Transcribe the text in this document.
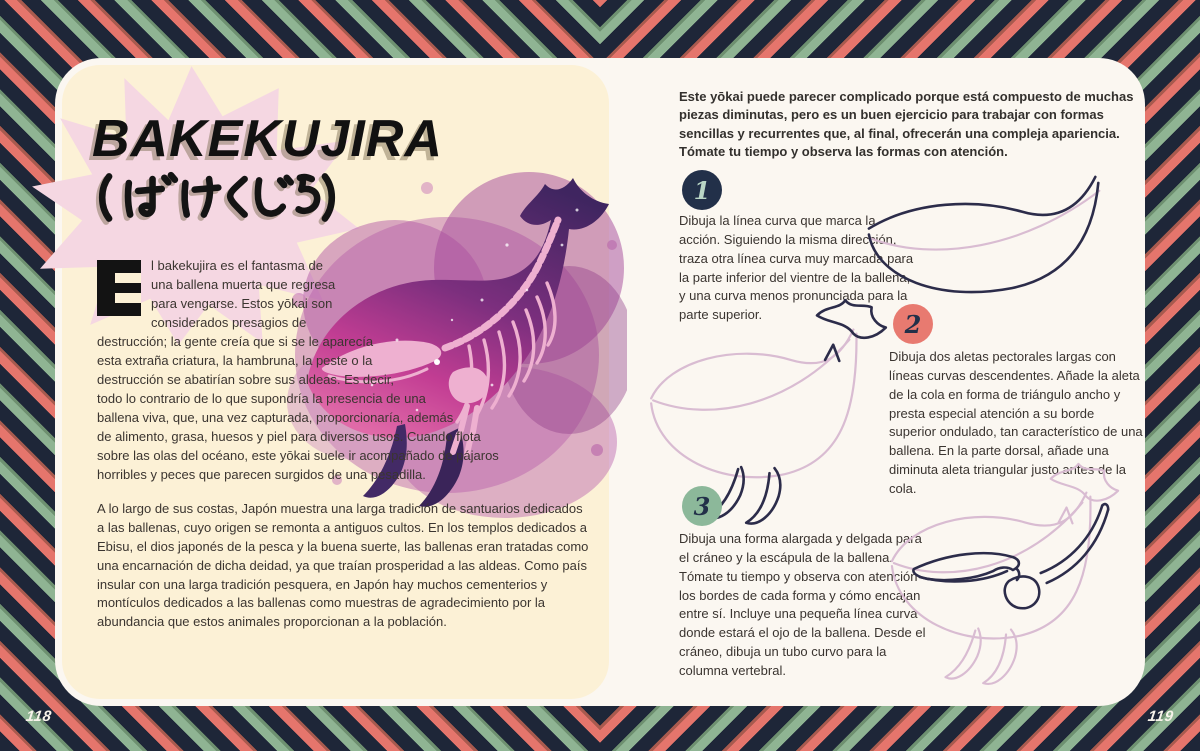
118	119
BAKEKUJIRA
l bakekujira es el fantasma de una ballena muerta que regresa para vengarse. Estos yōkai son considerados presagios de destrucción; la gente creía que si se le aparecía esta extraña criatura, la hambruna, la peste o la destrucción se abatirían sobre sus aldeas. Es decir, todo lo contrario de lo que supondría la presencia de una ballena viva, que, una vez capturada, proporcionaría, además de alimento, grasa, huesos y piel para diversos usos. Cuando flota sobre las olas del océano, este yōkai suele ir acompañado de pájaros horribles y peces que parecen surgidos de una pesadilla.

A lo largo de sus costas, Japón muestra una larga tradición de santuarios dedicados a las ballenas, cuyo origen se remonta a antiguos cultos. En los templos dedicados a Ebisu, el dios japonés de la pesca y la buena suerte, las ballenas eran tratadas como una encarnación de dicha deidad, ya que traían prosperidad a las aldeas. Como país insular con una larga tradición pesquera, en Japón hay muchos cementerios y montículos dedicados a las ballenas como muestras de agradecimiento por la abundancia que estos animales proporcionan a la población.

Este yōkai puede parecer complicado porque está compuesto de muchas piezas diminutas, pero es un buen ejercicio para trabajar con formas sencillas y recurrentes que, al final, ofrecerán una compleja apariencia. Tómate tu tiempo y observa las formas con atención.

1

Dibuja la línea curva que marca la acción. Siguiendo la misma dirección, traza otra línea curva muy marcada para la parte inferior del vientre de la ballena, y una curva menos pronunciada para la parte superior.	2

Dibuja dos aletas pectorales largas con líneas curvas descendentes. Añade la aleta de la cola en forma de triángulo ancho y presta especial atención a su borde superior ondulado, tan característico de una ballena. En la parte dorsal, añade una diminuta aleta triangular justo antes de la cola.

3

Dibuja una forma alargada y delgada para el cráneo y la escápula de la ballena. Tómate tu tiempo y observa con atención los bordes de cada forma y cómo encajan entre sí. Incluye una pequeña línea curva donde estará el ojo de la ballena. Desde el cráneo, dibuja un tubo curvo para la columna vertebral.
